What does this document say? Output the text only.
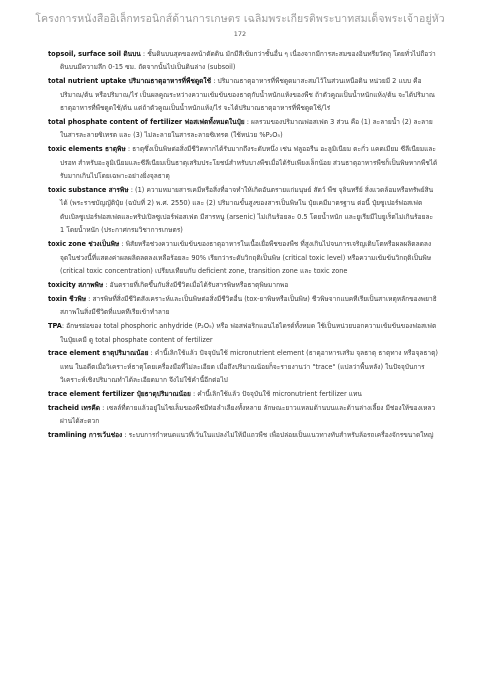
โครงการหนังสืออิเล็กทรอนิกส์ด้านการเกษตร เฉลิมพระเกียรติพระบาทสมเด็จพระเจ้าอยู่หัว
172

topsoil, surface soil ดินบน : ชั้นดินบนสุดของหน้าตัดดิน มักมีสีเข้มกว่าชั้นอื่น ๆ เนื่องจากมีการสะสมของอินทรียวัตถุ โดยทั่วไปถือว่าดินบนมีความลึก 0-15 ซม. ถัดจากนั้นไปเป็นดินล่าง (subsoil)

total nutrient uptake ปริมาณธาตุอาหารที่พืชดูดใช้ : ปริมาณธาตุอาหารที่พืชดูดมาสะสมไว้ในส่วนเหนือดิน หน่วยมี 2 แบบ คือ ปริมาณ/ต้น หรือปริมาณ/ไร่ เป็นผลคูณระหว่างความเข้มข้นของธาตุกับน้ำหนักแห้งของพืช ถ้าตัวคูณเป็นน้ำหนักแห้ง/ต้น จะได้ปริมาณธาตุอาหารที่พืชดูดใช้/ต้น แต่ถ้าตัวคูณเป็นน้ำหนักแห้ง/ไร่ จะได้ปริมาณธาตุอาหารที่พืชดูดใช้/ไร่

total phosphate content of fertilizer ฟอสเฟตทั้งหมดในปุ๋ย : ผลรวมของปริมาณฟอสเฟต 3 ส่วน คือ (1) ละลายน้ำ (2) ละลายในสารละลายซิเทรต และ (3) ไม่ละลายในสารละลายซิเทรต (ใช้หน่วย %P₂O₅)

toxic elements ธาตุพิษ : ธาตุซึ่งเป็นพิษต่อสิ่งมีชีวิตหากได้รับมากถึงระดับหนึ่ง เช่น ฟลูออรีน อะลูมิเนียม ตะกั่ว แคดเมียม ซีลีเนียมและปรอท สำหรับอะลูมิเนียมและซีลีเนียมเป็นธาตุเสริมประโยชน์สำหรับบางพืชเมื่อได้รับเพียงเล็กน้อย ส่วนธาตุอาหารพืชก็เป็นพิษหากพืชได้รับมากเกินไปโดยเฉพาะอย่างยิ่งจุลธาตุ

toxic substance สารพิษ : (1) ความหมายสารเคมีหรือสิ่งที่อาจทำให้เกิดอันตรายแก่มนุษย์ สัตว์ พืช จุลินทรีย์ สิ่งแวดล้อมหรือทรัพย์สินได้ (พระราชบัญญัติปุ๋ย (ฉบับที่ 2) พ.ศ. 2550) และ (2) ปริมาณขั้นสูงของสารเป็นพิษใน ปุ๋ยเคมีมาตรฐาน ต่อนี้ ปุ๋ยซูเปอร์ฟอสเฟต ดับเบิลซูเปอร์ฟอสเฟตและทริปเปิลซูเปอร์ฟอสเฟต มีสารหนู (arsenic) ไม่เกินร้อยละ 0.5 โดยน้ำหนัก และยูเรียมีไบยูเร็ตไม่เกินร้อยละ 1 โดยน้ำหนัก (ประกาศกรมวิชาการเกษตร)

toxic zone ช่วงเป็นพิษ : พิสัยหรือช่วงความเข้มข้นของธาตุอาหารในเนื้อเยื่อพืชของพืช ที่สูงเกินไปจนการเจริญเติบโตหรือผลผลิตลดลง จุดในช่วงนี้ที่แสดงค่าผลผลิตลดลงเหลือร้อยละ 90% เรียกว่าระดับวิกฤติเป็นพิษ (critical toxic level) หรือความเข้มข้นวิกฤติเป็นพิษ (critical toxic concentration) เปรียบเทียบกับ deficient zone, transition zone และ toxic zone

toxicity สภาพพิษ : อันตรายที่เกิดขึ้นกับสิ่งมีชีวิตเมื่อได้รับสารพิษหรือธาตุพิษมากพอ

toxin ชีวพิษ : สารพิษที่สิ่งมีชีวิตสังเคราะห์และเป็นพิษต่อสิ่งมีชีวิตอื่น (tox-ยาพิษหรือเป็นพิษ) ชีวพิษจากแบคทีเรียเป็นสาเหตุหลักของพยาธิสภาพในสิ่งมีชีวิตที่แบคทีเรียเข้าทำลาย

TPA: อักษรย่อของ total phosphoric anhydride (P₂O₅) หรือ ฟอสฟอริกแอนไฮไดรด์ทั้งหมด ใช้เป็นหน่วยบอกความเข้มข้นของฟอสเฟตในปุ๋ยเคมี ดู total phosphate content of fertilizer

trace element ธาตุปริมาณน้อย : คำนี้เลิกใช้แล้ว ปัจจุบันใช้ micronutrient element (ธาตุอาหารเสริม จุลธาตุ ธาตุทาง หรือจุลธาตุ) แทน ในอดีตเมื่อวิเคราะห์ธาตุโดยเครื่องมือที่ไม่ละเอียด เมื่อถึงปริมาณน้อยก็จะรายงานว่า "trace" (แปลว่าพื้นหลัง) ในปัจจุบันการวิเคราะห์เชิงปริมาณทำได้ละเอียดมาก จึงไม่ใช้คำนี้อีกต่อไป

trace element fertilizer ปุ๋ยธาตุปริมาณน้อย : คำนี้เลิกใช้แล้ว ปัจจุบันใช้ micronutrient fertilizer แทน

tracheid เทรคีด : เซลล์ที่ตายแล้วอยู่ในไซเล็มของพืชมีท่อลำเลียงทั้งหลาย ลักษณะยาวแหลมด้านบนและด้านล่างเลี้ยง มีช่องให้ของเหลวผ่านได้สะดวก

tramlining การเว้นช่อง : ระบบการกำหนดแนวที่เว้นในแปลงไม่ให้มีแถวพืช เพื่อปล่อยเป็นแนวทางทับสำหรับล้อรถเครื่องจักรขนาดใหญ่
